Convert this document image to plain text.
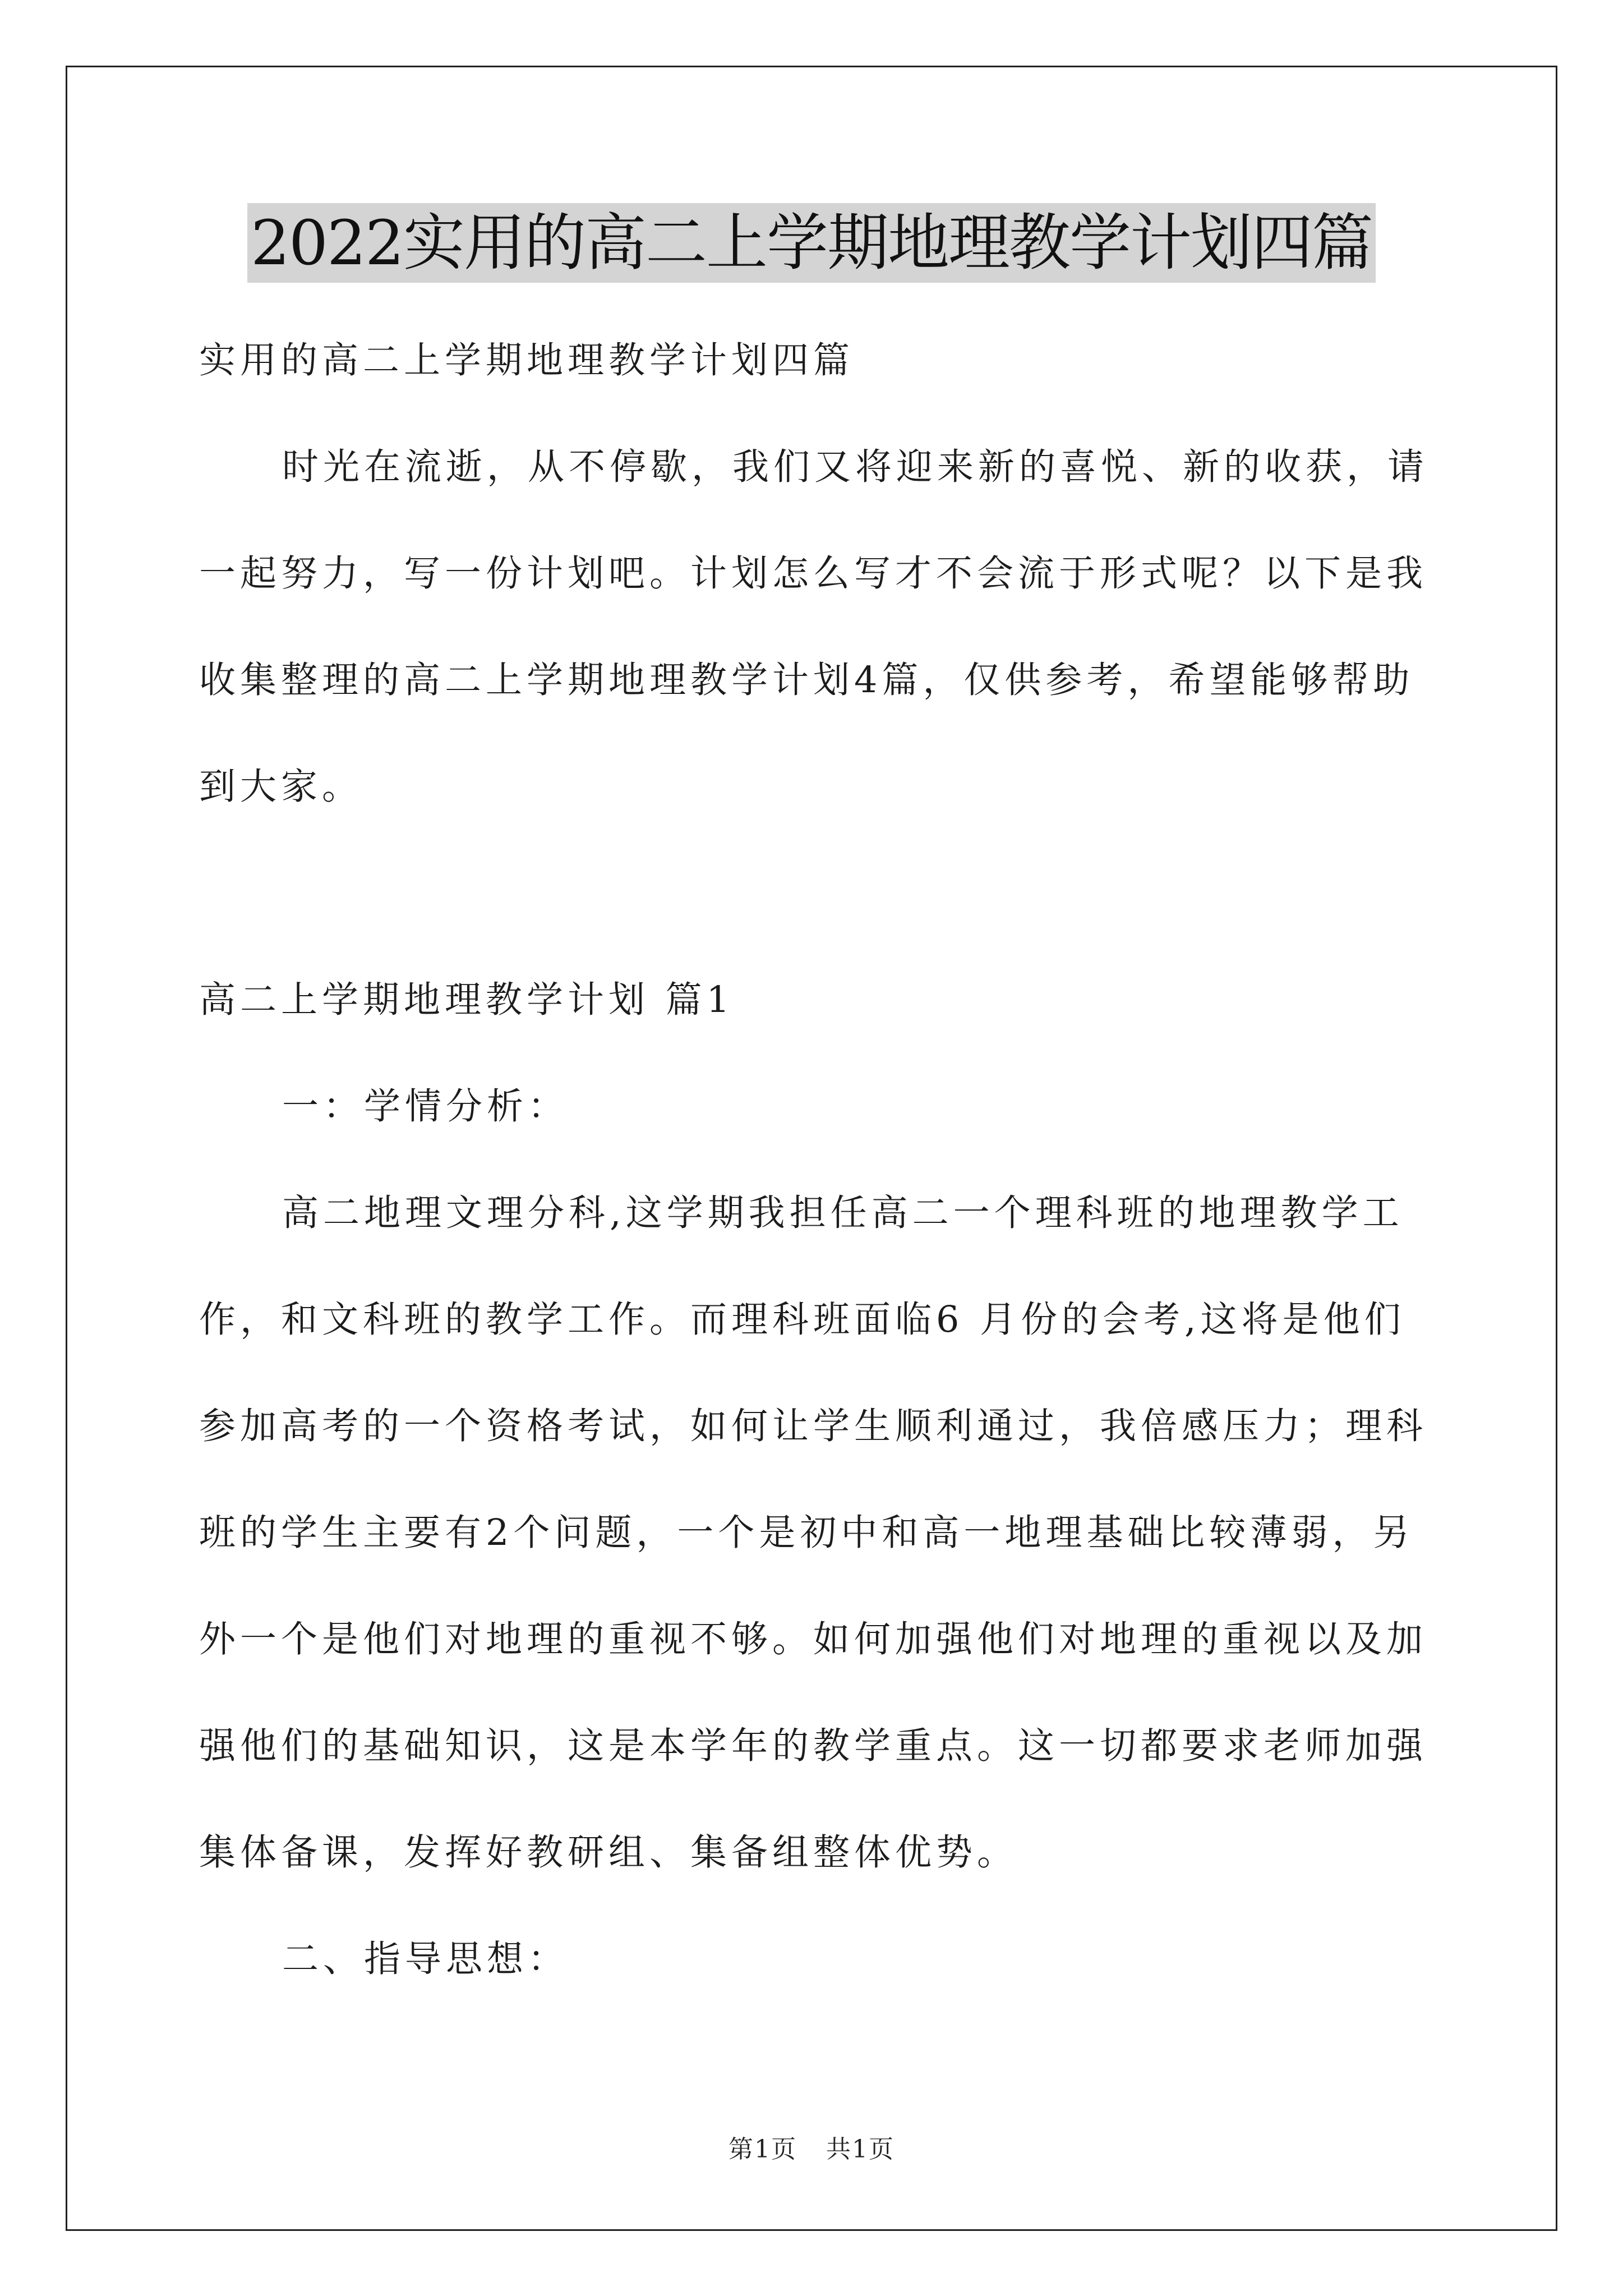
2022实用的高二上学期地理教学计划四篇

实用的高二上学期地理教学计划四篇

时光在流逝，从不停歇，我们又将迎来新的喜悦、新的收获，请一起努力，写一份计划吧。计划怎么写才不会流于形式呢？以下是我收集整理的高二上学期地理教学计划4篇，仅供参考，希望能够帮助到大家。

高二上学期地理教学计划 篇1

一：学情分析：

高二地理文理分科,这学期我担任高二一个理科班的地理教学工作，和文科班的教学工作。而理科班面临6 月份的会考,这将是他们参加高考的一个资格考试，如何让学生顺利通过，我倍感压力；理科班的学生主要有2个问题，一个是初中和高一地理基础比较薄弱，另外一个是他们对地理的重视不够。如何加强他们对地理的重视以及加强他们的基础知识，这是本学年的教学重点。这一切都要求老师加强集体备课，发挥好教研组、集备组整体优势。

二、指导思想：

第1页 共1页
